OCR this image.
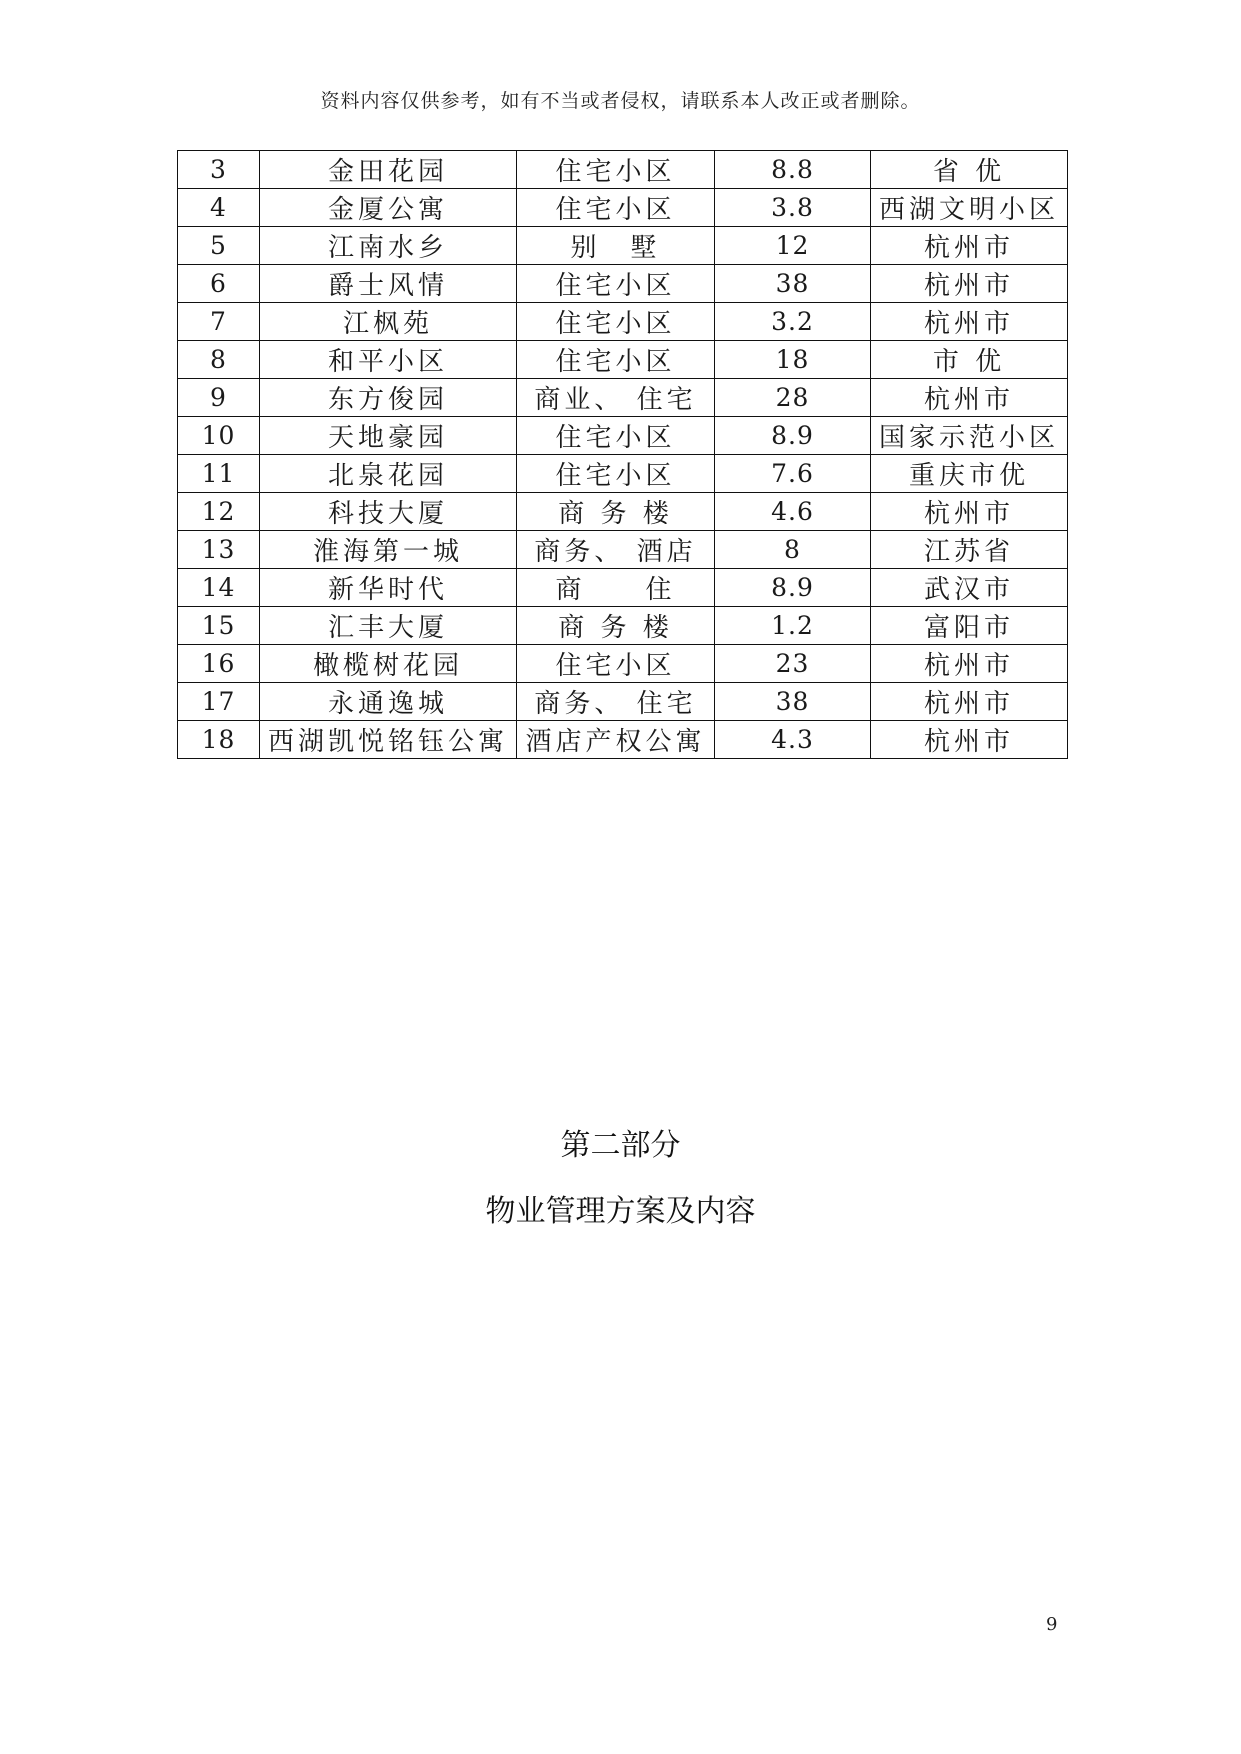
资料内容仅供参考，如有不当或者侵权，请联系本人改正或者删除。
3	金田花园	住宅小区	8.8	省 优
4	金厦公寓	住宅小区	3.8	西湖文明小区
5	江南水乡	别　墅	12	杭州市
6	爵士风情	住宅小区	38	杭州市
7	江枫苑	住宅小区	3.2	杭州市
8	和平小区	住宅小区	18	市 优
9	东方俊园	商业、 住宅	28	杭州市
10	天地豪园	住宅小区	8.9	国家示范小区
11	北泉花园	住宅小区	7.6	重庆市优
12	科技大厦	商 务 楼	4.6	杭州市
13	淮海第一城	商务、 酒店	8	江苏省
14	新华时代	商　　住	8.9	武汉市
15	汇丰大厦	商 务 楼	1.2	富阳市
16	橄榄树花园	住宅小区	23	杭州市
17	永通逸城	商务、 住宅	38	杭州市
18	西湖凯悦铭钰公寓	酒店产权公寓	4.3	杭州市
第二部分
物业管理方案及内容
9
